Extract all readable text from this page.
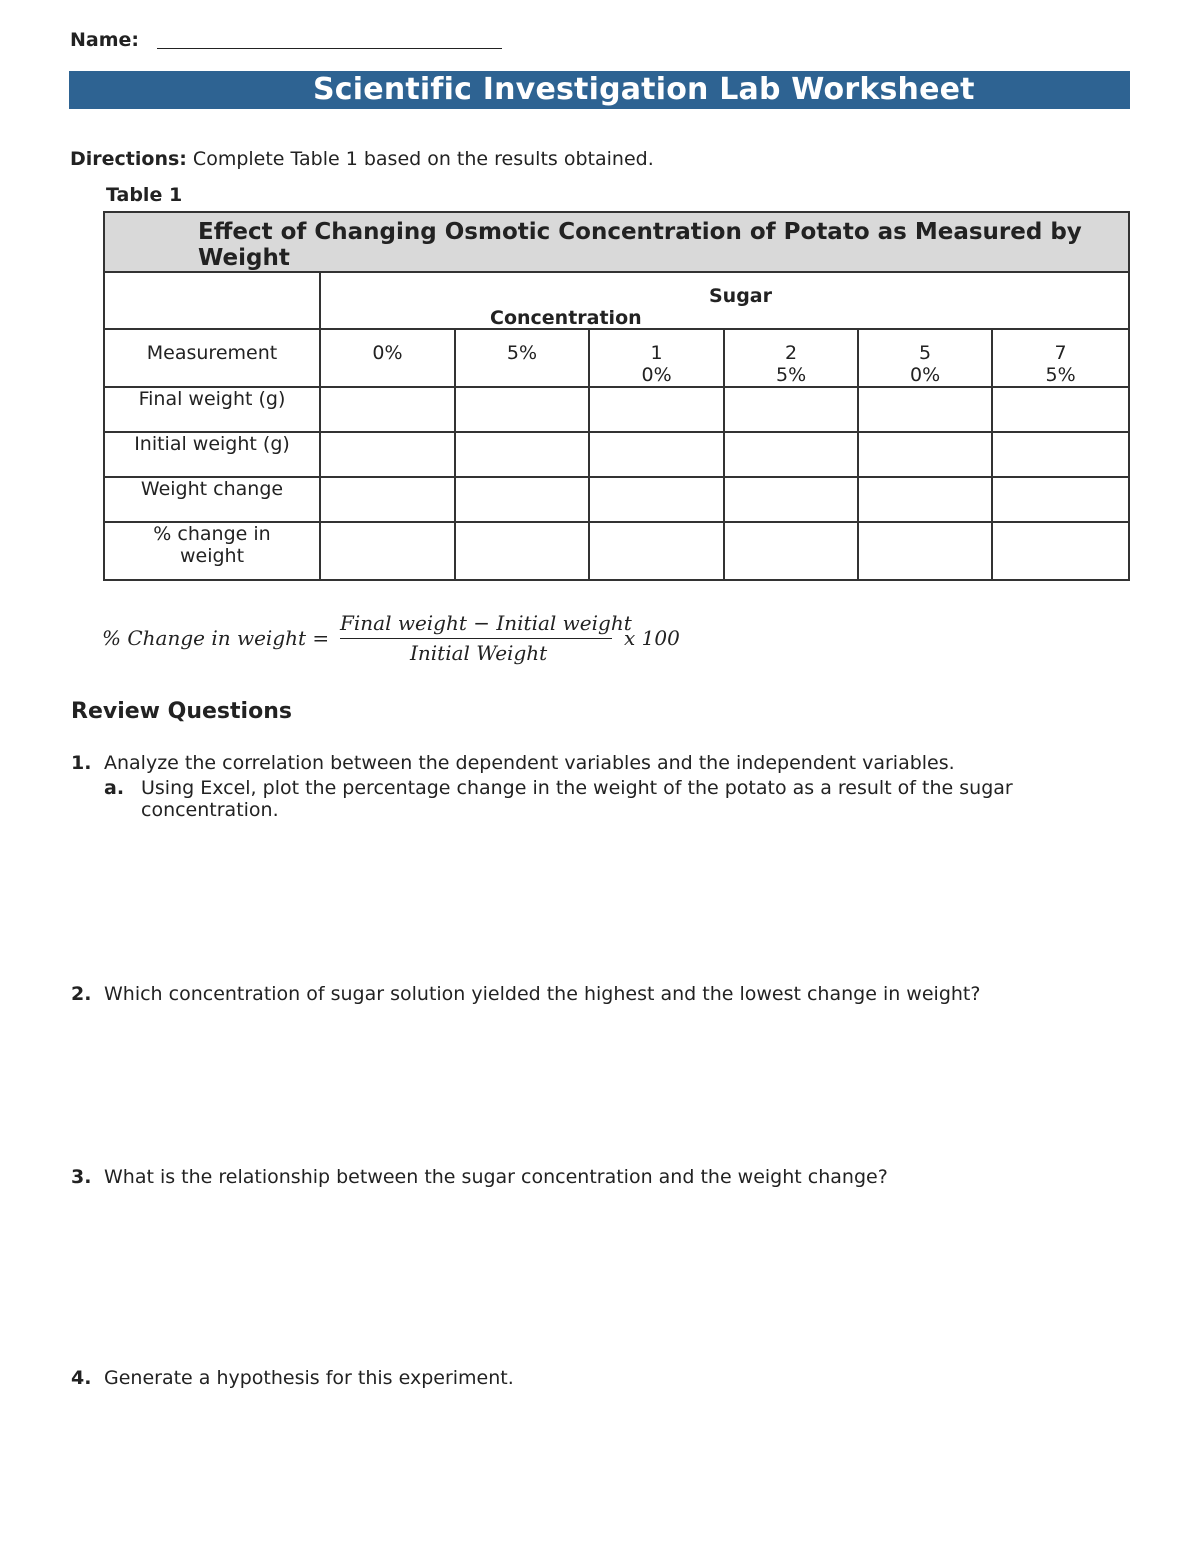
Name:
Scientific Investigation Lab Worksheet
Directions: Complete Table 1 based on the results obtained.
Table 1
Effect of Changing Osmotic Concentration of Potato as Measured by Weight						

	Sugar
Concentration					

Measurement	0%	5%	10%	25%	50%	75%

Final weight (g)						
Initial weight (g)						
Weight change						
% change in weight						
% Change in weight =
Final weight − Initial weight
Initial Weight
x 100
Review Questions
1. Analyze the correlation between the dependent variables and the independent variables.
a. Using Excel, plot the percentage change in the weight of the potato as a result of the sugar concentration.
2. Which concentration of sugar solution yielded the highest and the lowest change in weight?
3. What is the relationship between the sugar concentration and the weight change?
4. Generate a hypothesis for this experiment.
